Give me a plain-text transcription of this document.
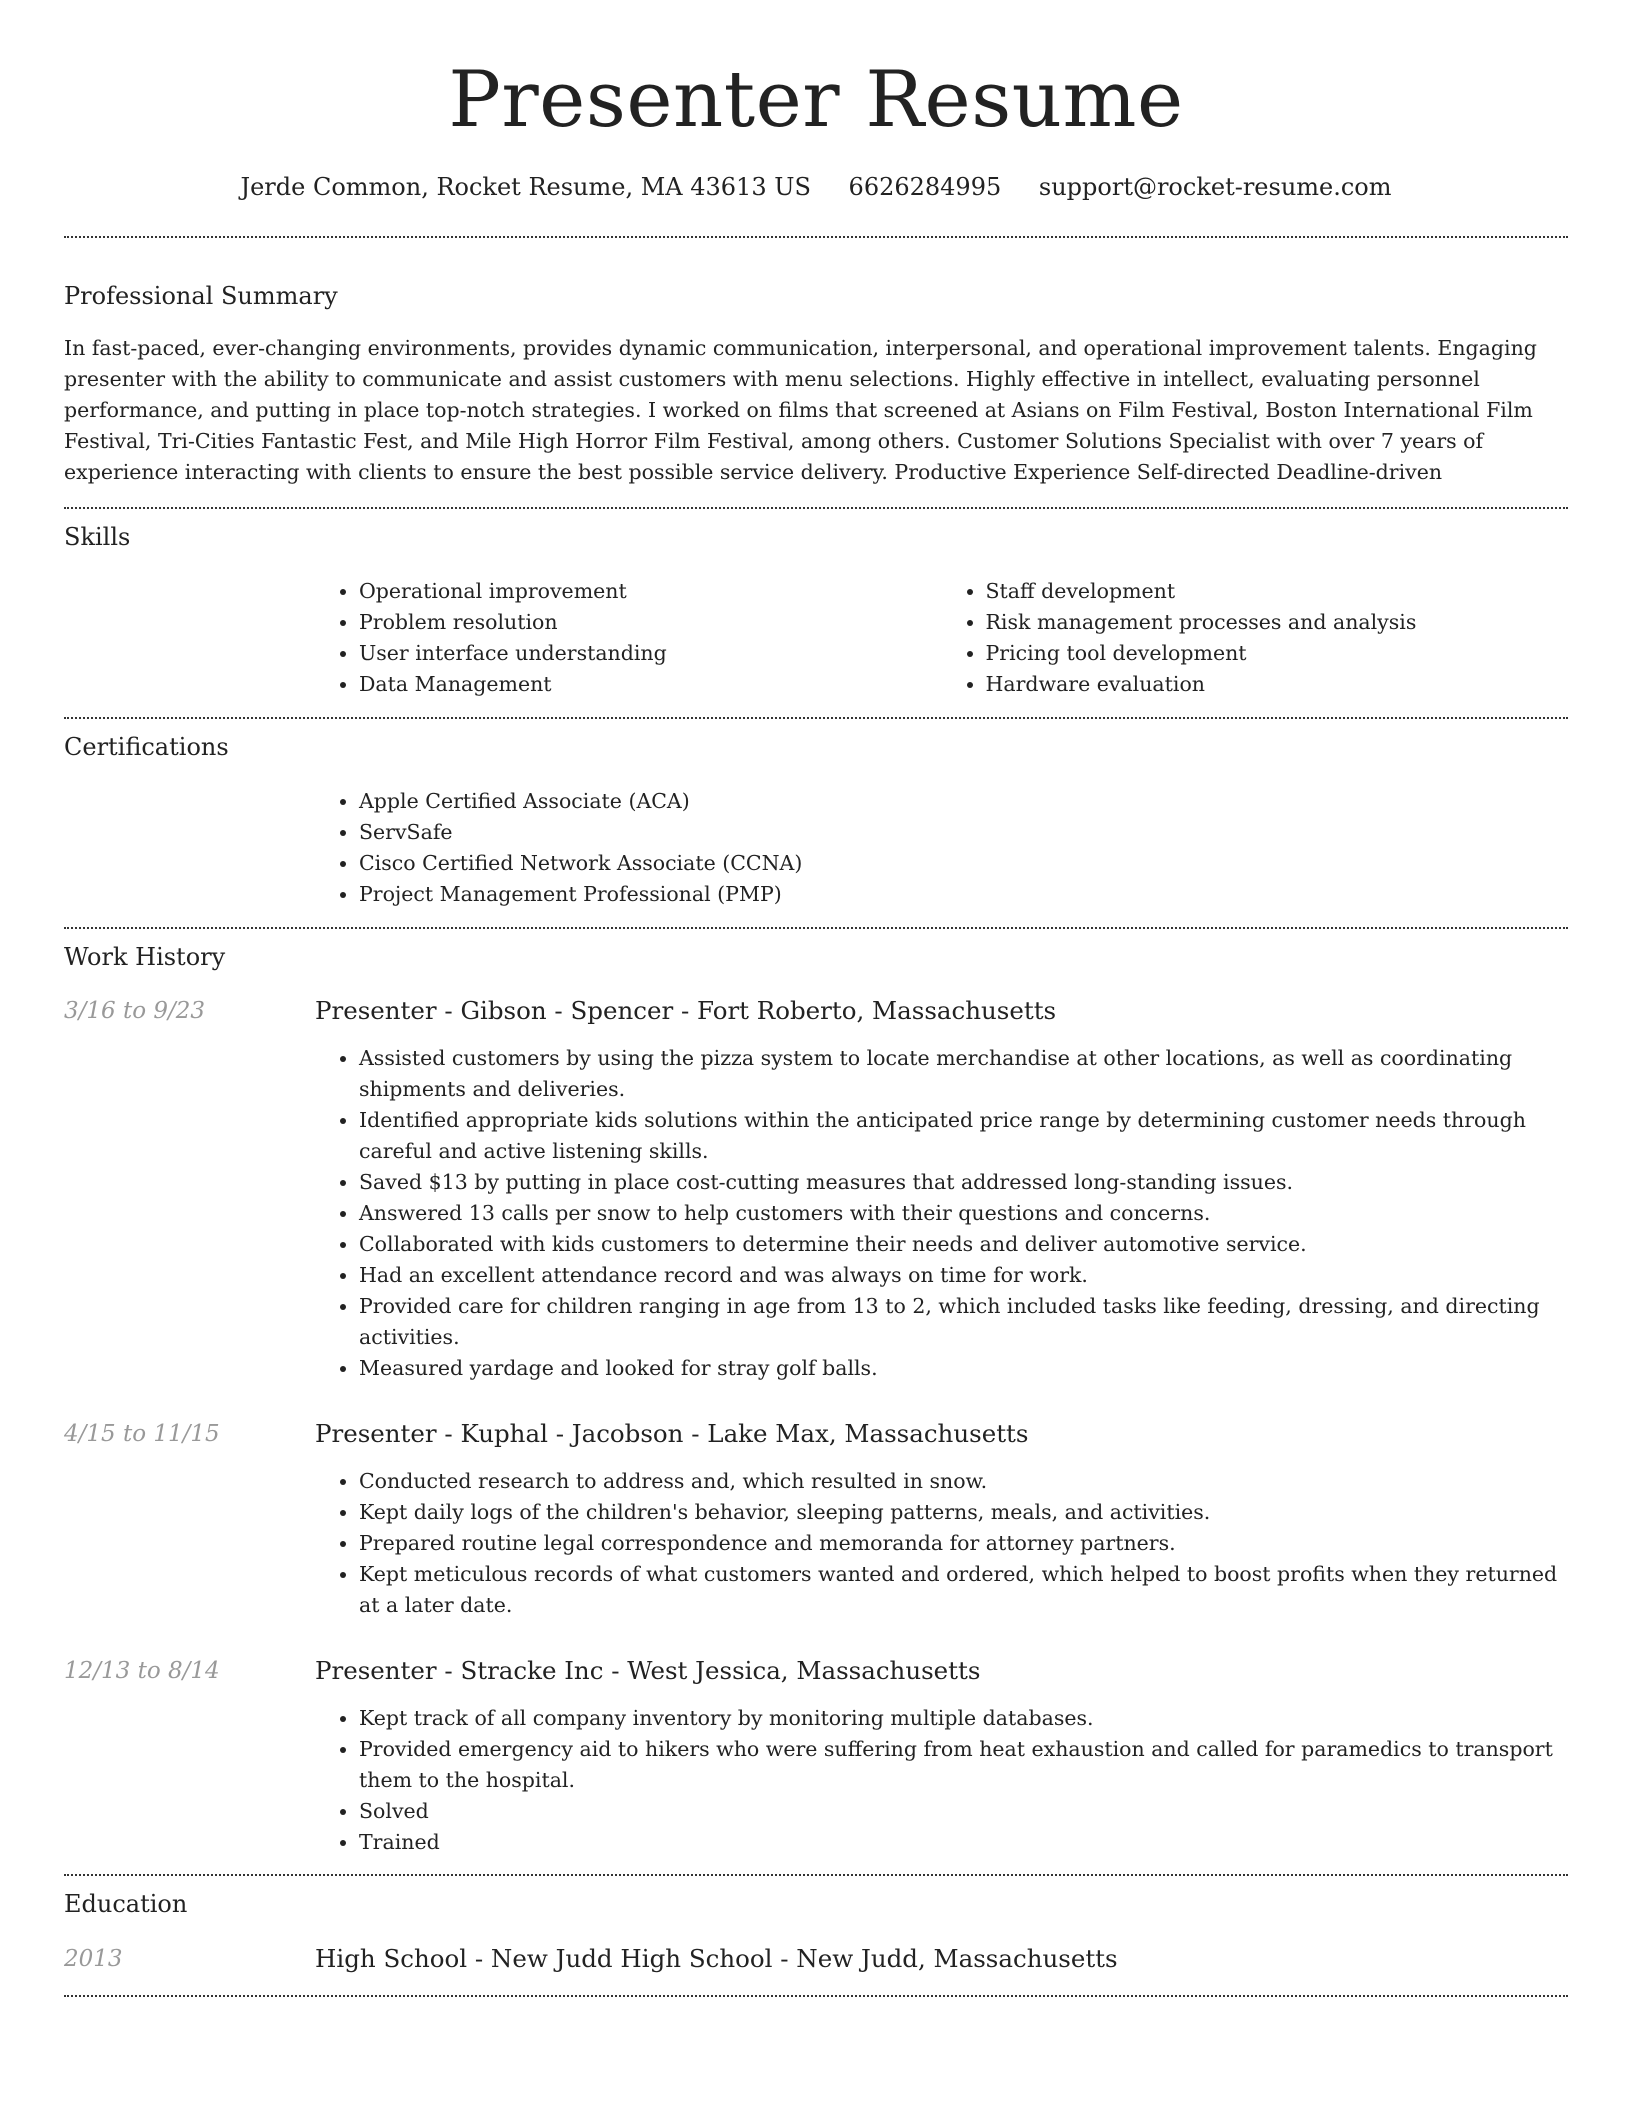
Presenter Resume
Jerde Common, Rocket Resume, MA 43613 US 6626284995 support@rocket-resume.com
Professional Summary

In fast-paced, ever-changing environments, provides dynamic communication, interpersonal, and operational improvement talents. Engaging presenter with the ability to communicate and assist customers with menu selections. Highly effective in intellect, evaluating personnel performance, and putting in place top-notch strategies. I worked on films that screened at Asians on Film Festival, Boston International Film Festival, Tri-Cities Fantastic Fest, and Mile High Horror Film Festival, among others. Customer Solutions Specialist with over 7 years of experience interacting with clients to ensure the best possible service delivery. Productive Experience Self-directed Deadline-driven

Skills
• Operational improvement
• Problem resolution
• User interface understanding
• Data Management
• Staff development
• Risk management processes and analysis
• Pricing tool development
• Hardware evaluation
Certifications
• Apple Certified Associate (ACA)
• ServSafe
• Cisco Certified Network Associate (CCNA)
• Project Management Professional (PMP)
Work History
3/16 to 9/23	Presenter - Gibson - Spencer - Fort Roberto, Massachusetts
• Assisted customers by using the pizza system to locate merchandise at other locations, as well as coordinating shipments and deliveries.
• Identified appropriate kids solutions within the anticipated price range by determining customer needs through careful and active listening skills.
• Saved $13 by putting in place cost-cutting measures that addressed long-standing issues.
• Answered 13 calls per snow to help customers with their questions and concerns.
• Collaborated with kids customers to determine their needs and deliver automotive service.
• Had an excellent attendance record and was always on time for work.
• Provided care for children ranging in age from 13 to 2, which included tasks like feeding, dressing, and directing activities.
• Measured yardage and looked for stray golf balls.
4/15 to 11/15	Presenter - Kuphal - Jacobson - Lake Max, Massachusetts
• Conducted research to address and, which resulted in snow.
• Kept daily logs of the children's behavior, sleeping patterns, meals, and activities.
• Prepared routine legal correspondence and memoranda for attorney partners.
• Kept meticulous records of what customers wanted and ordered, which helped to boost profits when they returned at a later date.
12/13 to 8/14	Presenter - Stracke Inc - West Jessica, Massachusetts
• Kept track of all company inventory by monitoring multiple databases.
• Provided emergency aid to hikers who were suffering from heat exhaustion and called for paramedics to transport them to the hospital.
• Solved
• Trained
Education
2013	High School - New Judd High School - New Judd, Massachusetts
